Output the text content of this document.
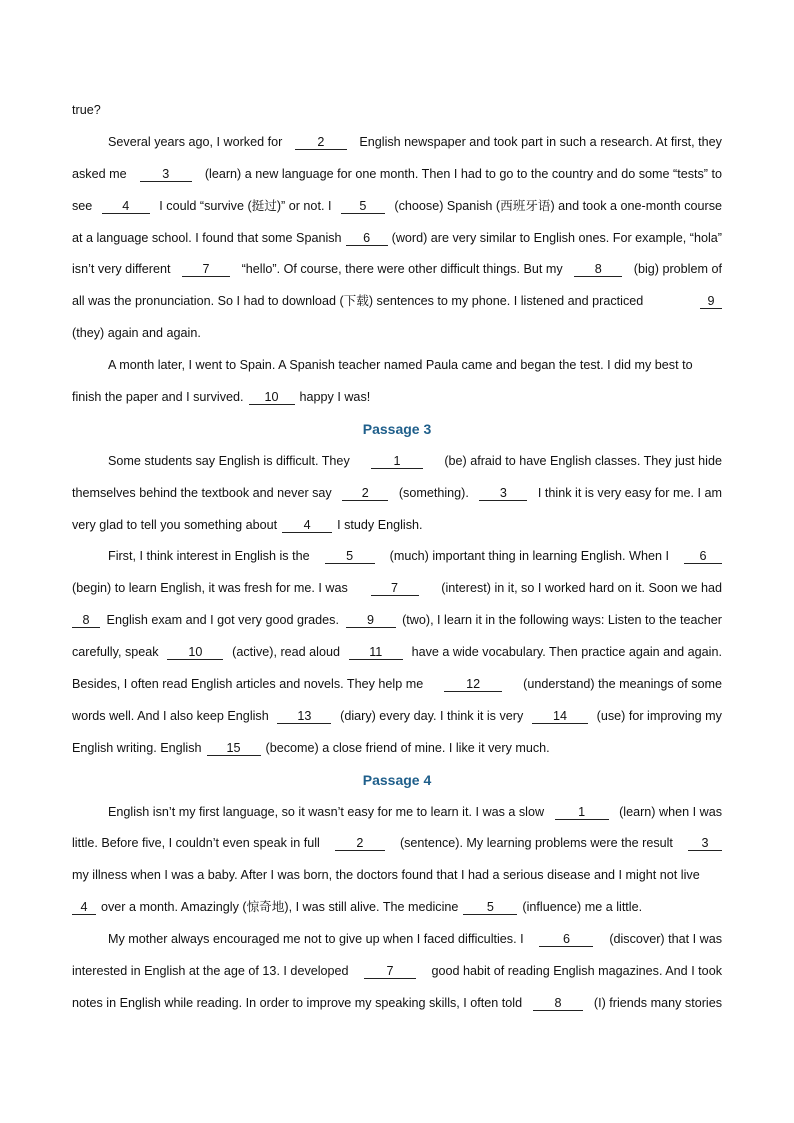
true?
Several years ago, I worked for	2	English newspaper and took part in such a research. At first, they
asked me	3	(learn) a new language for one month. Then I had to go to the country and do some “tests” to
see	4	I could “survive (挺过)” or not. I	5	(choose) Spanish (西班牙语) and took a one-month course
at a language school. I found that some Spanish	6	(word) are very similar to English ones. For example, “hola”
isn’t very different	7	“hello”. Of course, there were other difficult things. But my	8	(big) problem of
all was the pronunciation. So I had to download (下载) sentences to my phone. I listened and practiced	9
(they) again and again.
A month later, I went to Spain. A Spanish teacher named Paula came and began the test. I did my best to
finish the paper and I survived.	10	happy I was!
Passage 3
Some students say English is difficult. They	1	(be) afraid to have English classes. They just hide
themselves behind the textbook and never say	2	(something).	3	I think it is very easy for me. I am
very glad to tell you something about	4	I study English.
First, I think interest in English is the	5	(much) important thing in learning English. When I	6
(begin) to learn English, it was fresh for me. I was	7	(interest) in it, so I worked hard on it. Soon we had
8	English exam and I got very good grades.	9	(two), I learn it in the following ways: Listen to the teacher
carefully, speak	10	(active), read aloud	11	have a wide vocabulary. Then practice again and again.
Besides, I often read English articles and novels. They help me	12	(understand) the meanings of some
words well. And I also keep English	13	(diary) every day. I think it is very	14	(use) for improving my
English writing. English	15	(become) a close friend of mine. I like it very much.
Passage 4
English isn’t my first language, so it wasn’t easy for me to learn it. I was a slow	1	(learn) when I was
little. Before five, I couldn’t even speak in full	2	(sentence). My learning problems were the result	3
my illness when I was a baby. After I was born, the doctors found that I had a serious disease and I might not live
4	over a month. Amazingly (惊奇地), I was still alive. The medicine	5	(influence) me a little.
My mother always encouraged me not to give up when I faced difficulties. I	6	(discover) that I was
interested in English at the age of 13. I developed	7	good habit of reading English magazines. And I took
notes in English while reading. In order to improve my speaking skills, I often told	8	(I) friends many stories
